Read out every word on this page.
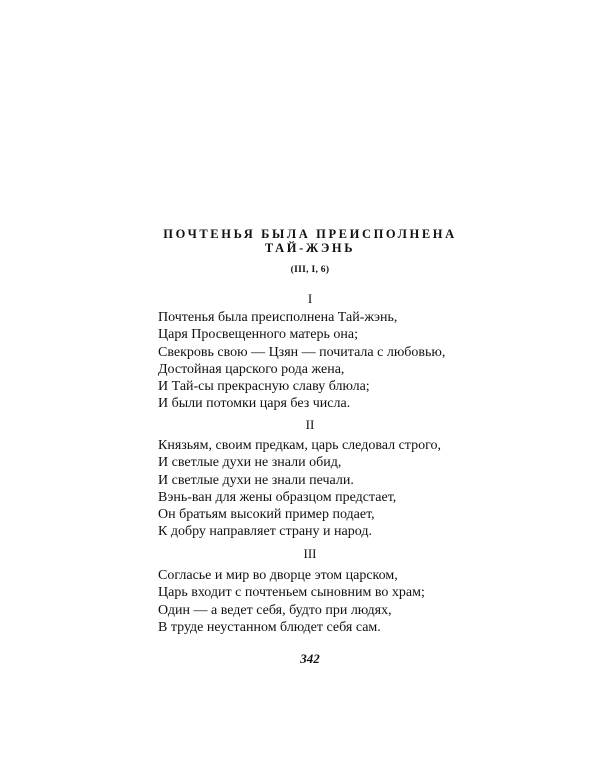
ПОЧТЕНЬЯ БЫЛА ПРЕИСПОЛНЕНА
ТАЙ-ЖЭНЬ
(III, I, 6)
I
Почтенья была преисполнена Тай-жэнь,
Царя Просвещенного матерь она;
Свекровь свою — Цзян — почитала с любовью,
Достойная царского рода жена,
И Тай-сы прекрасную славу блюла;
И были потомки царя без числа.
II
Князьям, своим предкам, царь следовал строго,
И светлые духи не знали обид,
И светлые духи не знали печали.
Вэнь-ван для жены образцом предстает,
Он братьям высокий пример подает,
К добру направляет страну и народ.
III
Согласье и мир во дворце этом царском,
Царь входит с почтеньем сыновним во храм;
Один — а ведет себя, будто при людях,
В труде неустанном блюдет себя сам.
342
